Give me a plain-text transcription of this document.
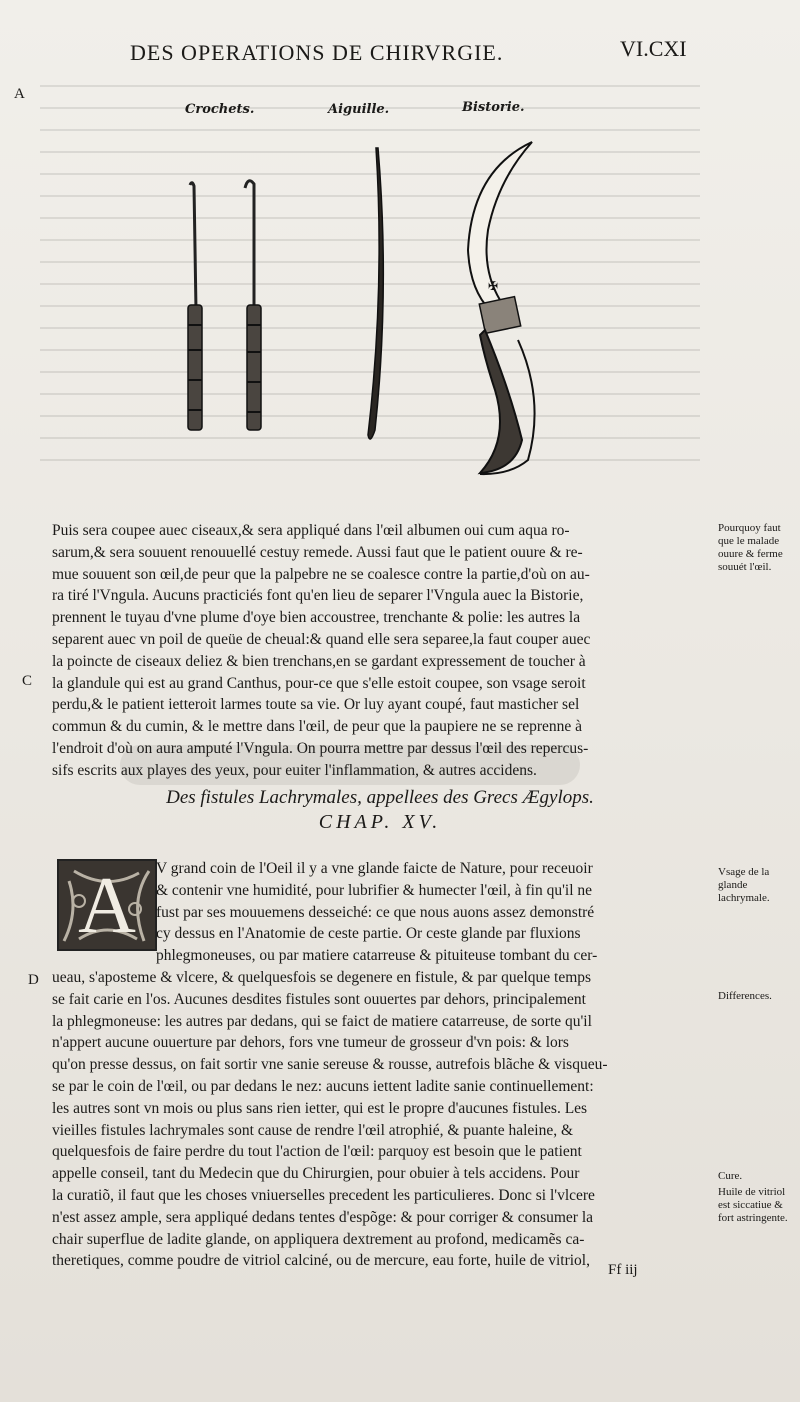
DES OPERATIONS DE CHIRVRGIE.	VI.CXI
A
Crochets.	Aiguille.	Bistorie.
✠

Puis sera coupee auec ciseaux,& sera appliqué dans l'œil albumen oui cum aqua ro-
sarum,& sera souuent renouuellé cestuy remede. Aussi faut que le patient ouure & re-
mue souuent son œil,de peur que la palpebre ne se coalesce contre la partie,d'où on au-
ra tiré l'Vngula. Aucuns practiciés font qu'en lieu de separer l'Vngula auec la Bistorie,
prennent le tuyau d'vne plume d'oye bien accoustree, trenchante & polie: les autres la
separent auec vn poil de queüe de cheual:& quand elle sera separee,la faut couper auec
la poincte de ciseaux deliez & bien trenchans,en se gardant expressement de toucher à
la glandule qui est au grand Canthus, pour-ce que s'elle estoit coupee, son vsage seroit
perdu,& le patient ietteroit larmes toute sa vie. Or luy ayant coupé, faut masticher sel
commun & du cumin, & le mettre dans l'œil, de peur que la paupiere ne se reprenne à
l'endroit d'où on aura amputé l'Vngula. On pourra mettre par dessus l'œil des repercus-
sifs escrits aux playes des yeux, pour euiter l'inflammation, & autres accidens.

Pourquoy faut que le malade ouure & ferme souuét l'œil.
C
Des fistules Lachrymales, appellees des Grecs Ægylops.
CHAP. XV.
A	V grand coin de l'Oeil il y a vne glande faicte de Nature, pour receuoir
& contenir vne humidité, pour lubrifier & humecter l'œil, à fin qu'il ne
fust par ses mouuemens desseiché: ce que nous auons assez demonstré
cy dessus en l'Anatomie de ceste partie. Or ceste glande par fluxions
phlegmoneuses, ou par matiere catarreuse & pituiteuse tombant du cer-
ueau, s'aposteme & vlcere, & quelquesfois se degenere en fistule, & par quelque temps
se fait carie en l'os. Aucunes desdites fistules sont ouuertes par dehors, principalement
la phlegmoneuse: les autres par dedans, qui se faict de matiere catarreuse, de sorte qu'il
n'appert aucune ouuerture par dehors, fors vne tumeur de grosseur d'vn pois: & lors
qu'on presse dessus, on fait sortir vne sanie sereuse & rousse, autrefois blãche & visqueu-
se par le coin de l'œil, ou par dedans le nez: aucuns iettent ladite sanie continuellement:
les autres sont vn mois ou plus sans rien ietter, qui est le propre d'aucunes fistules. Les
vieilles fistules lachrymales sont cause de rendre l'œil atrophié, & puante haleine, &
quelquesfois de faire perdre du tout l'action de l'œil: parquoy est besoin que le patient
appelle conseil, tant du Medecin que du Chirurgien, pour obuier à tels accidens. Pour
la curatiõ, il faut que les choses vniuerselles precedent les particulieres. Donc si l'vlcere
n'est assez ample, sera appliqué dedans tentes d'espõge: & pour corriger & consumer la
chair superflue de ladite glande, on appliquera dextrement au profond, medicamẽs ca-
theretiques, comme poudre de vitriol calciné, ou de mercure, eau forte, huile de vitriol,

Vsage de la glande lachrymale.
D
Differences.
Cure.
Huile de vitriol est siccatiue & fort astringente.
Ff iij
